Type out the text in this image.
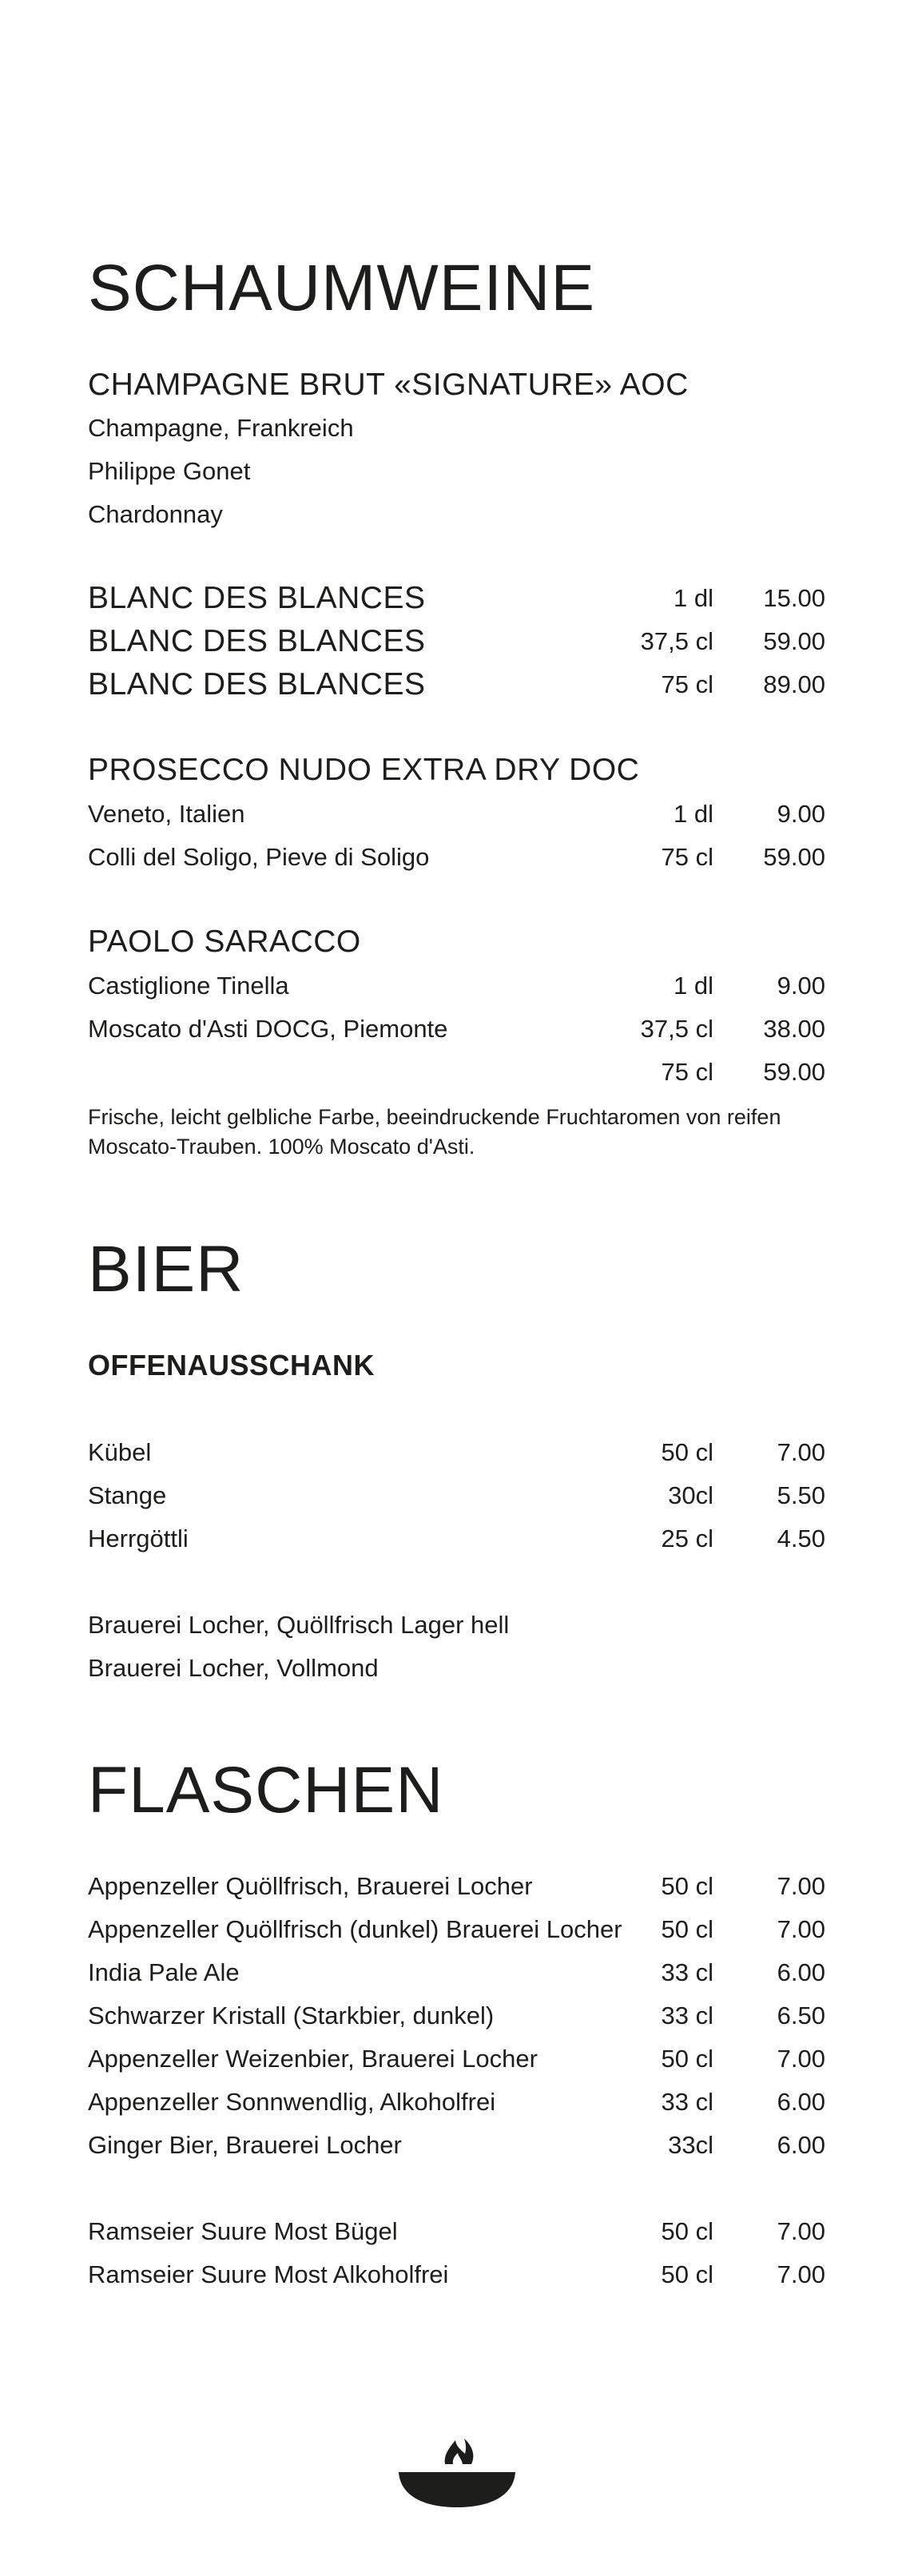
SCHAUMWEINE
CHAMPAGNE BRUT «SIGNATURE» AOC
Champagne, Frankreich
Philippe Gonet
Chardonnay
BLANC DES BLANCES	1 dl 15.00
BLANC DES BLANCES	37,5 cl 59.00
BLANC DES BLANCES	75 cl 89.00
PROSECCO NUDO EXTRA DRY DOC
Veneto, Italien	1 dl	9.00
Colli del Soligo, Pieve di Soligo	75 cl 59.00
PAOLO SARACCO
Castiglione Tinella	1 dl	9.00
Moscato d'Asti DOCG, Piemonte	37,5 cl 38.00
75 cl 59.00
Frische, leicht gelbliche Farbe, beeindruckende Fruchtaromen von reifen Moscato-Trauben. 100% Moscato d'Asti.
BIER
OFFENAUSSCHANK
Kübel	50 cl	7.00
Stange	30cl	5.50
Herrgöttli	25 cl	4.50
Brauerei Locher, Quöllfrisch Lager hell
Brauerei Locher, Vollmond
FLASCHEN
Appenzeller Quöllfrisch, Brauerei Locher	50 cl	7.00
Appenzeller Quöllfrisch (dunkel) Brauerei Locher 50 cl	7.00
India Pale Ale	33 cl	6.00
Schwarzer Kristall (Starkbier, dunkel)	33 cl	6.50
Appenzeller Weizenbier, Brauerei Locher	50 cl	7.00
Appenzeller Sonnwendlig, Alkoholfrei	33 cl	6.00
Ginger Bier, Brauerei Locher	33cl	6.00
Ramseier Suure Most Bügel	50 cl	7.00
Ramseier Suure Most Alkoholfrei	50 cl	7.00
